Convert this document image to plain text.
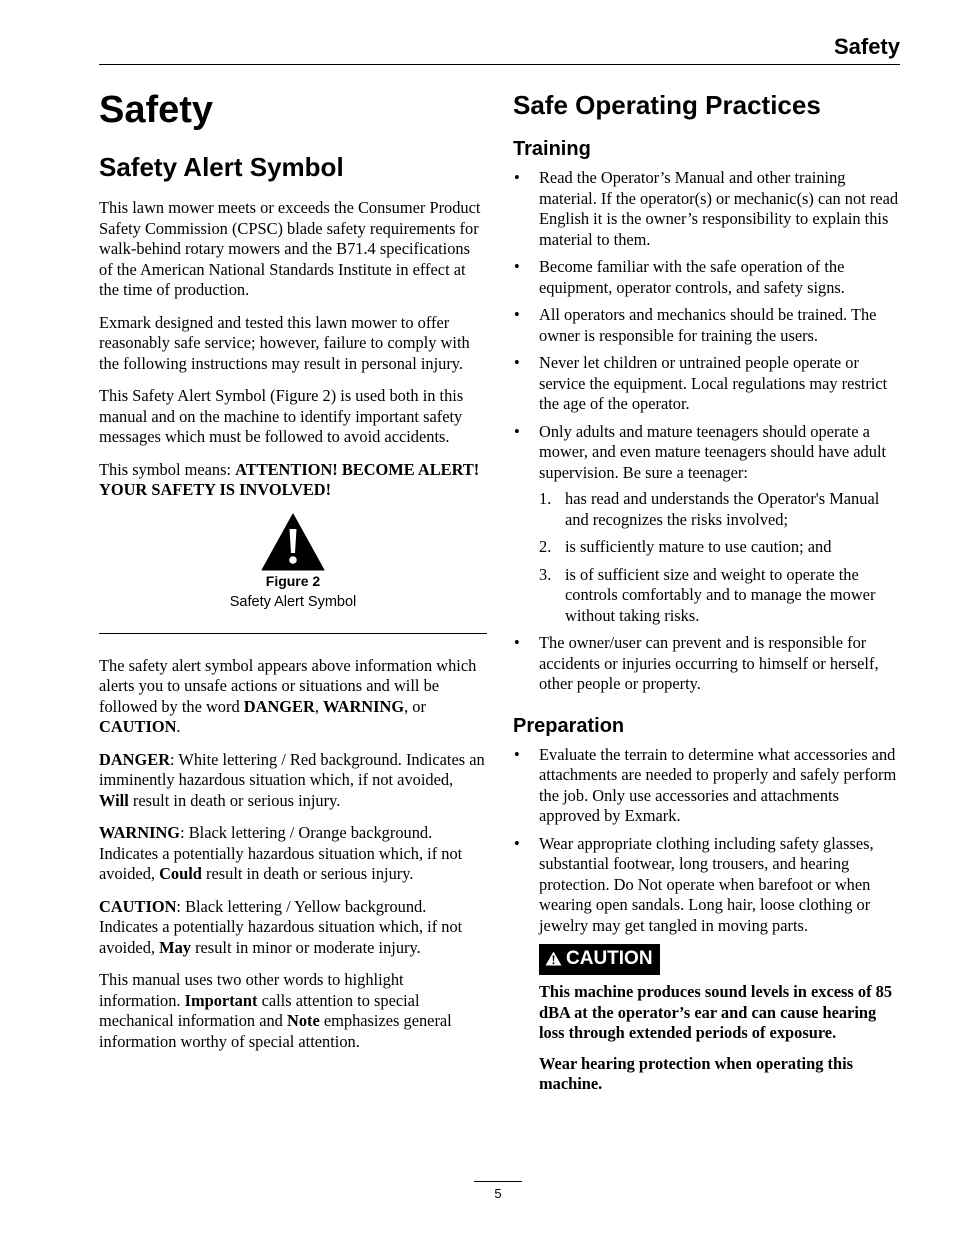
Safety
Safety
Safety Alert Symbol

This lawn mower meets or exceeds the Consumer Product Safety Commission (CPSC) blade safety requirements for walk-behind rotary mowers and the B71.4 specifications of the American National Standards Institute in effect at the time of production.

Exmark designed and tested this lawn mower to offer reasonably safe service; however, failure to comply with the following instructions may result in personal injury.

This Safety Alert Symbol (Figure 2) is used both in this manual and on the machine to identify important safety messages which must be followed to avoid accidents.

This symbol means: ATTENTION! BECOME ALERT! YOUR SAFETY IS INVOLVED!

Figure 2
Safety Alert Symbol

The safety alert symbol appears above information which alerts you to unsafe actions or situations and will be followed by the word DANGER, WARNING, or CAUTION.

DANGER: White lettering / Red background. Indicates an imminently hazardous situation which, if not avoided, Will result in death or serious injury.

WARNING: Black lettering / Orange background. Indicates a potentially hazardous situation which, if not avoided, Could result in death or serious injury.

CAUTION: Black lettering / Yellow background. Indicates a potentially hazardous situation which, if not avoided, May result in minor or moderate injury.

This manual uses two other words to highlight information. Important calls attention to special mechanical information and Note emphasizes general information worthy of special attention.

Safe Operating Practices
Training
• Read the Operator’s Manual and other training material. If the operator(s) or mechanic(s) can not read English it is the owner’s responsibility to explain this material to them.
• Become familiar with the safe operation of the equipment, operator controls, and safety signs.
• All operators and mechanics should be trained. The owner is responsible for training the users.
• Never let children or untrained people operate or service the equipment. Local regulations may restrict the age of the operator.
• Only adults and mature teenagers should operate a mower, and even mature teenagers should have adult supervision. Be sure a teenager:
1. has read and understands the Operator's Manual and recognizes the risks involved;
2. is sufficiently mature to use caution; and
3. is of sufficient size and weight to operate the controls comfortably and to manage the mower without taking risks.
• The owner/user can prevent and is responsible for accidents or injuries occurring to himself or herself, other people or property.
Preparation
• Evaluate the terrain to determine what accessories and attachments are needed to properly and safely perform the job. Only use accessories and attachments approved by Exmark.
• Wear appropriate clothing including safety glasses, substantial footwear, long trousers, and hearing protection. Do Not operate when barefoot or when wearing open sandals. Long hair, loose clothing or jewelry may get tangled in moving parts.
CAUTION

This machine produces sound levels in excess of 85 dBA at the operator’s ear and can cause hearing loss through extended periods of exposure.

Wear hearing protection when operating this machine.

5
